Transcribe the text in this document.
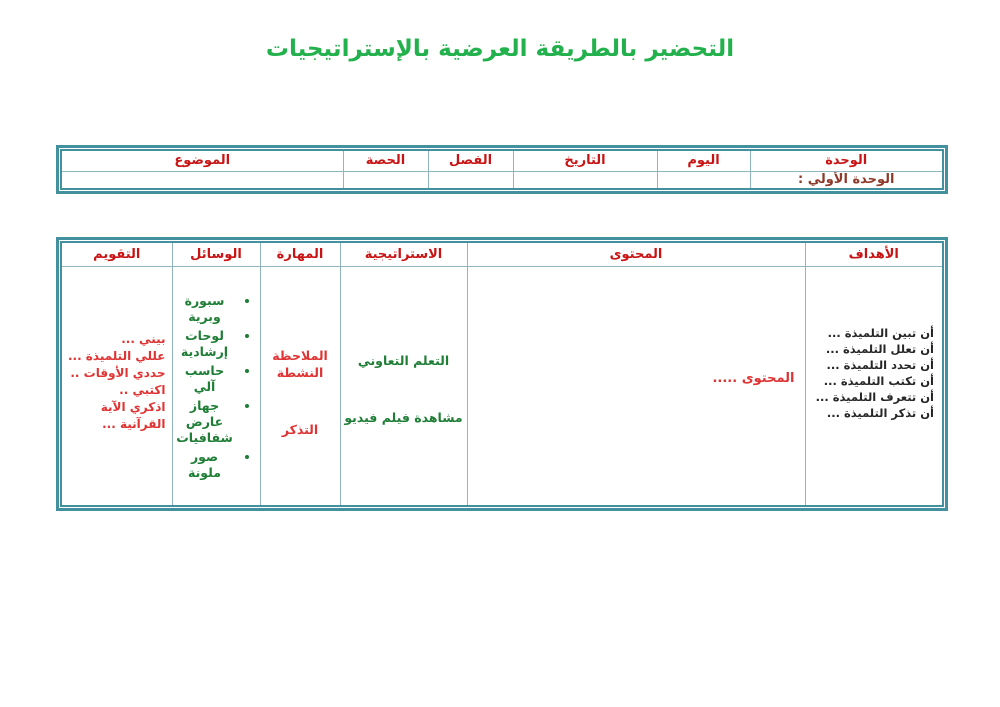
التحضير بالطريقة العرضية بالإستراتيجيات
الوحدة	اليوم	التاريخ	الفصل	الحصة	الموضوع
الوحدة الأولي :					
الأهداف	المحتوى	الاستراتيجية	المهارة	الوسائل	التقويم

أن تبين التلميذة ...
أن تعلل التلميذة ...
أن تحدد التلميذة ...
أن تكتب التلميذة ...
أن تتعرف التلميذة ...
أن تذكر التلميذة ...

المحتوى .....

التعلم التعاوني
مشاهدة فيلم فيديو

الملاحظة النشطة
التذكر

• سبورة وبرية
• لوحات إرشادية
• حاسب آلي
• جهاز عارض شفافيات
• صور ملونة

بيني ...
عللي التلميذة ...
حددي الأوقات ..
اكتبي ..
اذكري الآية القرآنية ...
